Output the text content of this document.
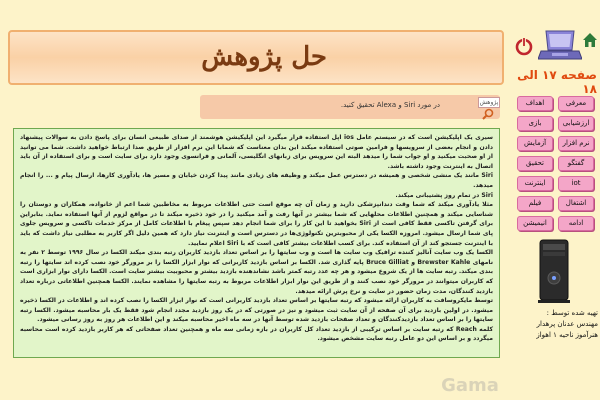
حل پژوهش
صفحه ۱۷ الی ۱۸
در مورد Siri و Alexa تحقیق کنید.	پژوهش

سیری یک اپلیکیشن است که در سیستم عامل ios اپل استفاده قرار میگیرد این اپلیکیشن هوشمند از صدای طبیعی انسان برای پاسخ دادن به سوالات پیشنهاد دادن و انجام بعضی از سرویسها و فرامین صوتی استفاده میکند این بدان معناست که شمابا این نرم افزار از طریق صدا ارتباط خواهید داشت. شما می توانید از او صحبت میکنید و او جواب شما را میدهد البته این سرویس برای زبانهای انگلیسی، آلمانی و فرانسوی وجود دارد برای سایت است و برای استفاده از آن باید اتصال به اینترنت وجود داشته باشد.

Siri مانند یک منشی شخصی و همیشه در دسترس عمل میکند و وظیفه های زیادی مانند پیدا کردن خیابان و مسیر ها، یادآوری کارها، ارسال پیام و ... را انجام میدهد.

Siri در تمام روز پشتیبانی میکند.

مثلا یادآوری میکند که شما وقت دندانپزشکی دارید و زمان آن چه موقع است حتی اطلاعات مربوط به مخاطبین شما اعم از خانواده، همکاران و دوستان را شناسایی میکند و همچنین اطلاعات محلهایی که شما بیشتر در آنها رفت و آمد میکنید را در خود ذخیره میکند تا در مواقع لزوم از آنها استفاده نماید. بنابراین برای گرفتن تاکسی فقط کافی است از Siri بخواهید تا این کار را برای شما انجام دهد سپس پیغام با اطلاعات کامل از مرکز خدمات تاکسی و سرویس جلوی پای شما ارسال میشود. امروزه الکسا یکی از محبوبترین تکنولوژی‌ها در دسترس است و اینترنت نیاز دارد که همین دلیل اگر کاربر به مطلبی نیاز داشت که باید با اینترنت جستجو کند از آن استفاده کند. برای کسب اطلاعات بیشتر کافی است که با Siri اعلام نمایید.

الکسا یک وب سایت آنالیز کننده ترافیک وب سایت ها است و وب سایتها را بر اساس تعداد بازدید کاربران رتبه بندی میکند الکسا در سال ۱۹۹۶ توسط ۲ نفر به نامهای Brewster Kahle و Bruce Gilliat پایه گذاری شد. الکسا بر اساس بازدید کاربرانی که نوار ابزار الکسا را بر مرورگر خود نصب کرده اند سایتها را رتبه بندی میکند. رتبه سایت ها از یک شروع میشود و هر چه عدد رتبه کمتر باشد نشاندهنده بازدید بیشتر و محبوبیت بیشتر سایت است. الکسا دارای نوار ابزاری است که کاربران میتوانند در مرورگر خود نصب کنند و از طریق این نوار ابزار اطلاعات مربوط به رتبه سایتها را مشاهده نمایند. الکسا همچنین اطلاعاتی درباره تعداد بازدید کنندگان، مدت زمان حضور در سایت و نرخ پرش ارائه میدهد.

توسط مایکروسافت به کاربران ارائه میشود که رتبه سایتها بر اساس تعداد بازدید کاربرانی است که نوار ابزار الکسا را نصب کرده اند و اطلاعات در الکسا ذخیره میشود. در اولین بازدید برای آن صفحه از آن سایت ثبت میشود و نیز در صورتی که در یک روز بازدید مجدد انجام شود فقط یک بار محاسبه میشود. الکسا رتبه سایتها را بر اساس تعداد بازدیدکنندگان و تعداد صفحات بازدید شده توسط آنها در سه ماه اخیر محاسبه میکند و این اطلاعات هر روز به روز رسانی میشود.

کلمه Reach که رتبه سایت بر اساس ترکیبی از بازدید تعداد کل کاربران در بازه زمانی سه ماه و همچنین تعداد صفحاتی که هر کاربر بازدید کرده است محاسبه میگردد و بر اساس این دو عامل رتبه سایت مشخص میشود.

معرفی
اهداف
ارزشیابی
بازی
نرم افزار
آزمایش
گفتگو
تحقیق
iot
اینترنت
اشتغال
فیلم
ادامه
انیمیشن
تهیه شده توسط :
مهندس عدنان پرهدار
هنرآموز ناحیه ۱ اهواز
Gama
